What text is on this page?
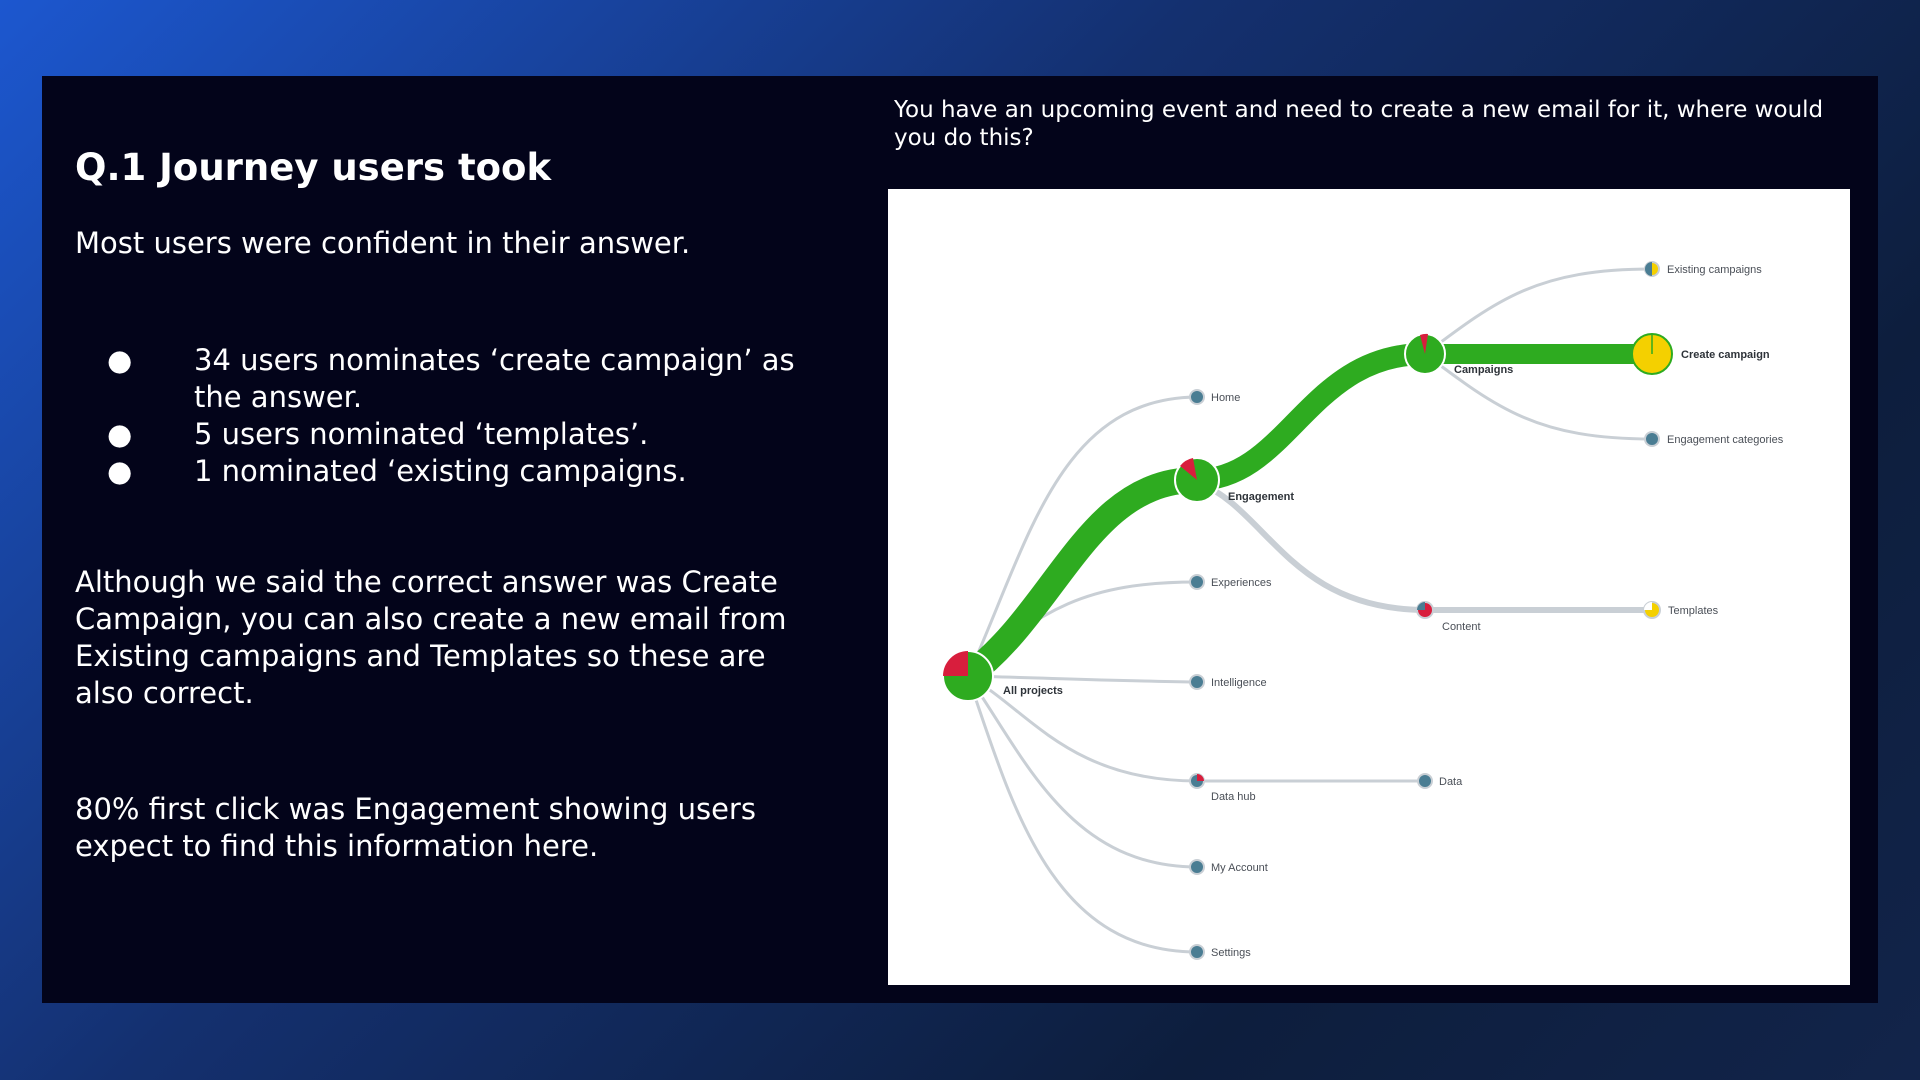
Q.1 Journey users took

Most users were confident in their answer.

● 34 users nominates ‘create campaign’ as the answer.
● 5 users nominated ‘templates’.
● 1 nominated ‘existing campaigns.

Although we said the correct answer was Create Campaign, you can also create a new email from Existing campaigns and Templates so these are also correct.

80% first click was Engagement showing users expect to find this information here.

You have an upcoming event and need to create a new email for it, where would you do this?

All projects
Home
Engagement
Experiences
Intelligence
Data hub
My Account
Settings
Campaigns
Content
Data
Existing campaigns
Create campaign
Engagement categories
Templates
